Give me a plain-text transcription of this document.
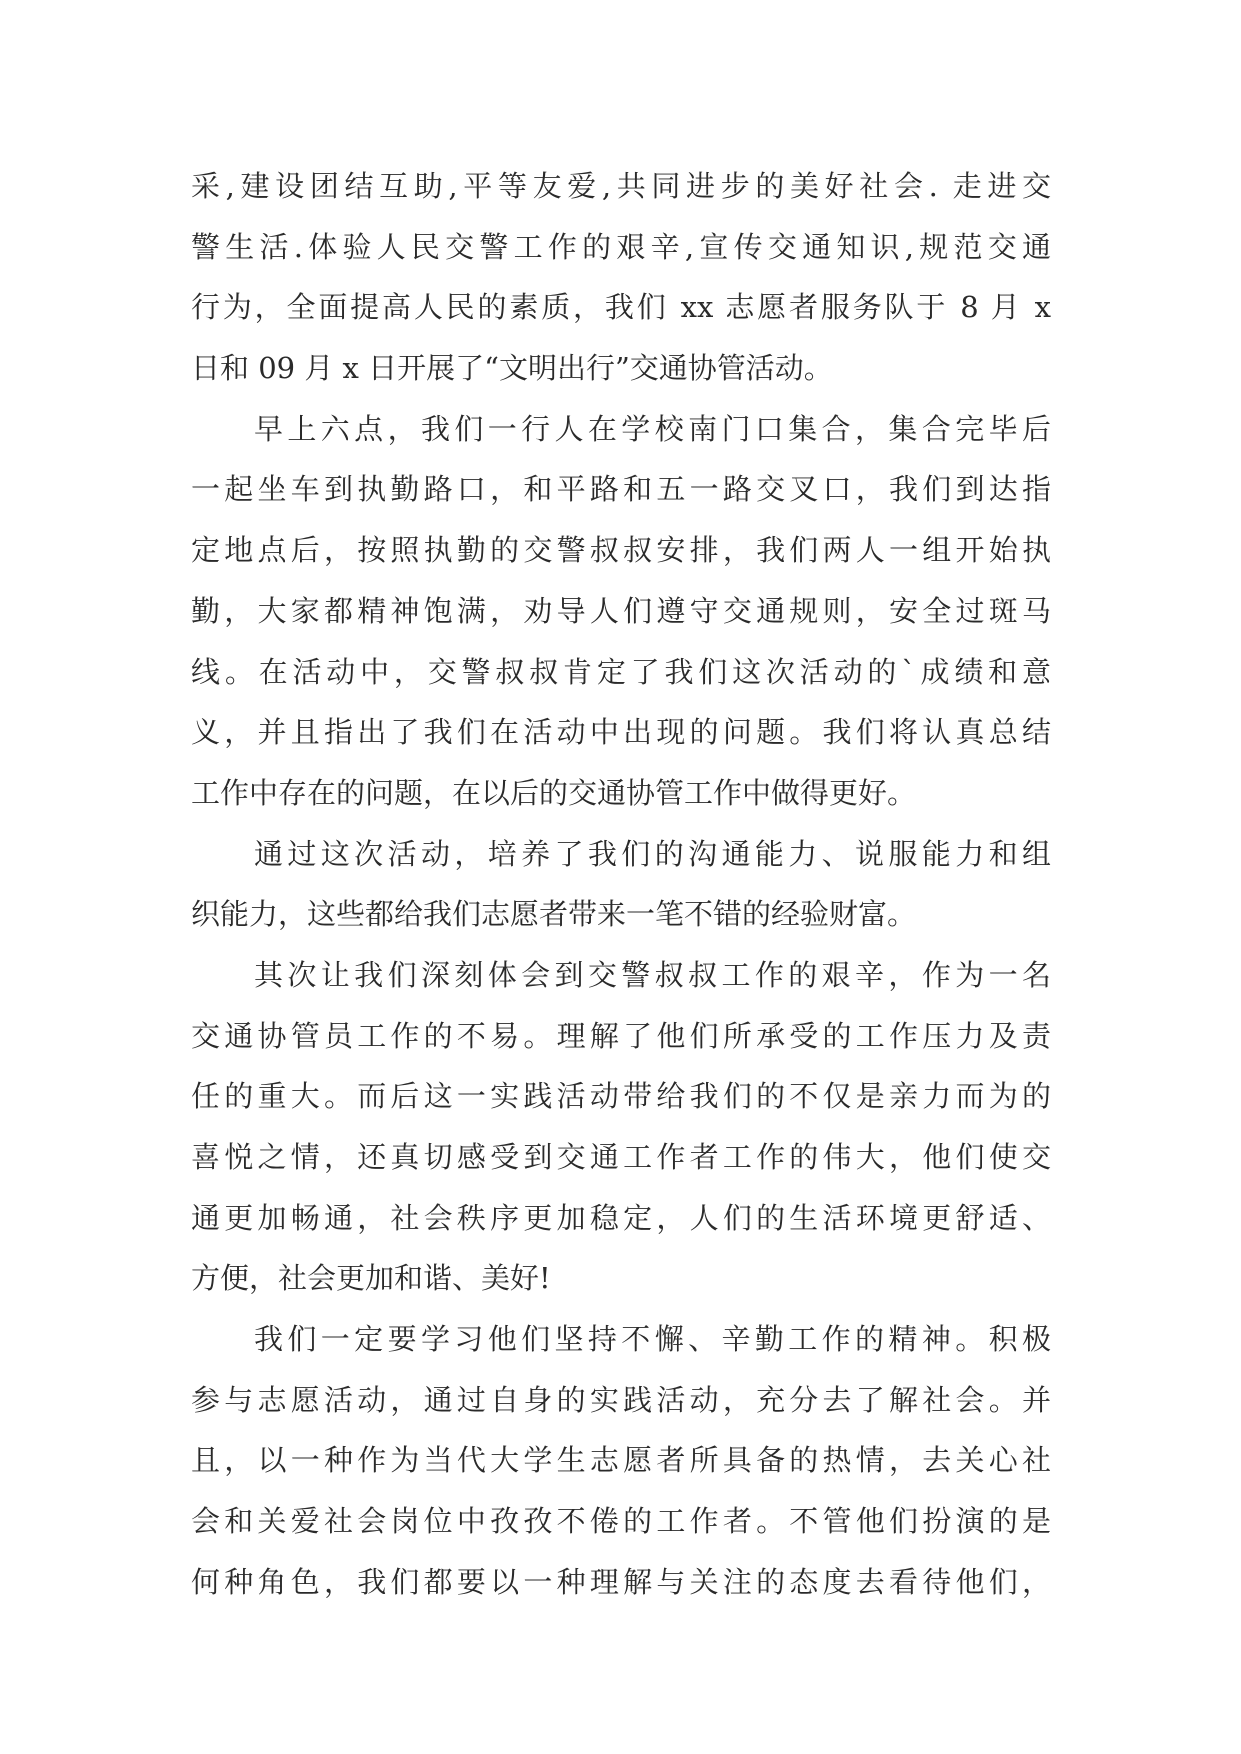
采,建设团结互助,平等友爱,共同进步的美好社会. 走进交
警生活.体验人民交警工作的艰辛,宣传交通知识,规范交通
行为，全面提高人民的素质，我们 xx 志愿者服务队于 8 月 x
日和 09 月 x 日开展了“文明出行”交通协管活动。
早上六点，我们一行人在学校南门口集合，集合完毕后
一起坐车到执勤路口，和平路和五一路交叉口，我们到达指
定地点后，按照执勤的交警叔叔安排，我们两人一组开始执
勤，大家都精神饱满，劝导人们遵守交通规则，安全过斑马
线。在活动中，交警叔叔肯定了我们这次活动的`成绩和意
义，并且指出了我们在活动中出现的问题。我们将认真总结
工作中存在的问题，在以后的交通协管工作中做得更好。
通过这次活动，培养了我们的沟通能力、说服能力和组
织能力，这些都给我们志愿者带来一笔不错的经验财富。
其次让我们深刻体会到交警叔叔工作的艰辛，作为一名
交通协管员工作的不易。理解了他们所承受的工作压力及责
任的重大。而后这一实践活动带给我们的不仅是亲力而为的
喜悦之情，还真切感受到交通工作者工作的伟大，他们使交
通更加畅通，社会秩序更加稳定，人们的生活环境更舒适、
方便，社会更加和谐、美好!
我们一定要学习他们坚持不懈、辛勤工作的精神。积极
参与志愿活动，通过自身的实践活动，充分去了解社会。并
且，以一种作为当代大学生志愿者所具备的热情，去关心社
会和关爱社会岗位中孜孜不倦的工作者。不管他们扮演的是
何种角色，我们都要以一种理解与关注的态度去看待他们，
